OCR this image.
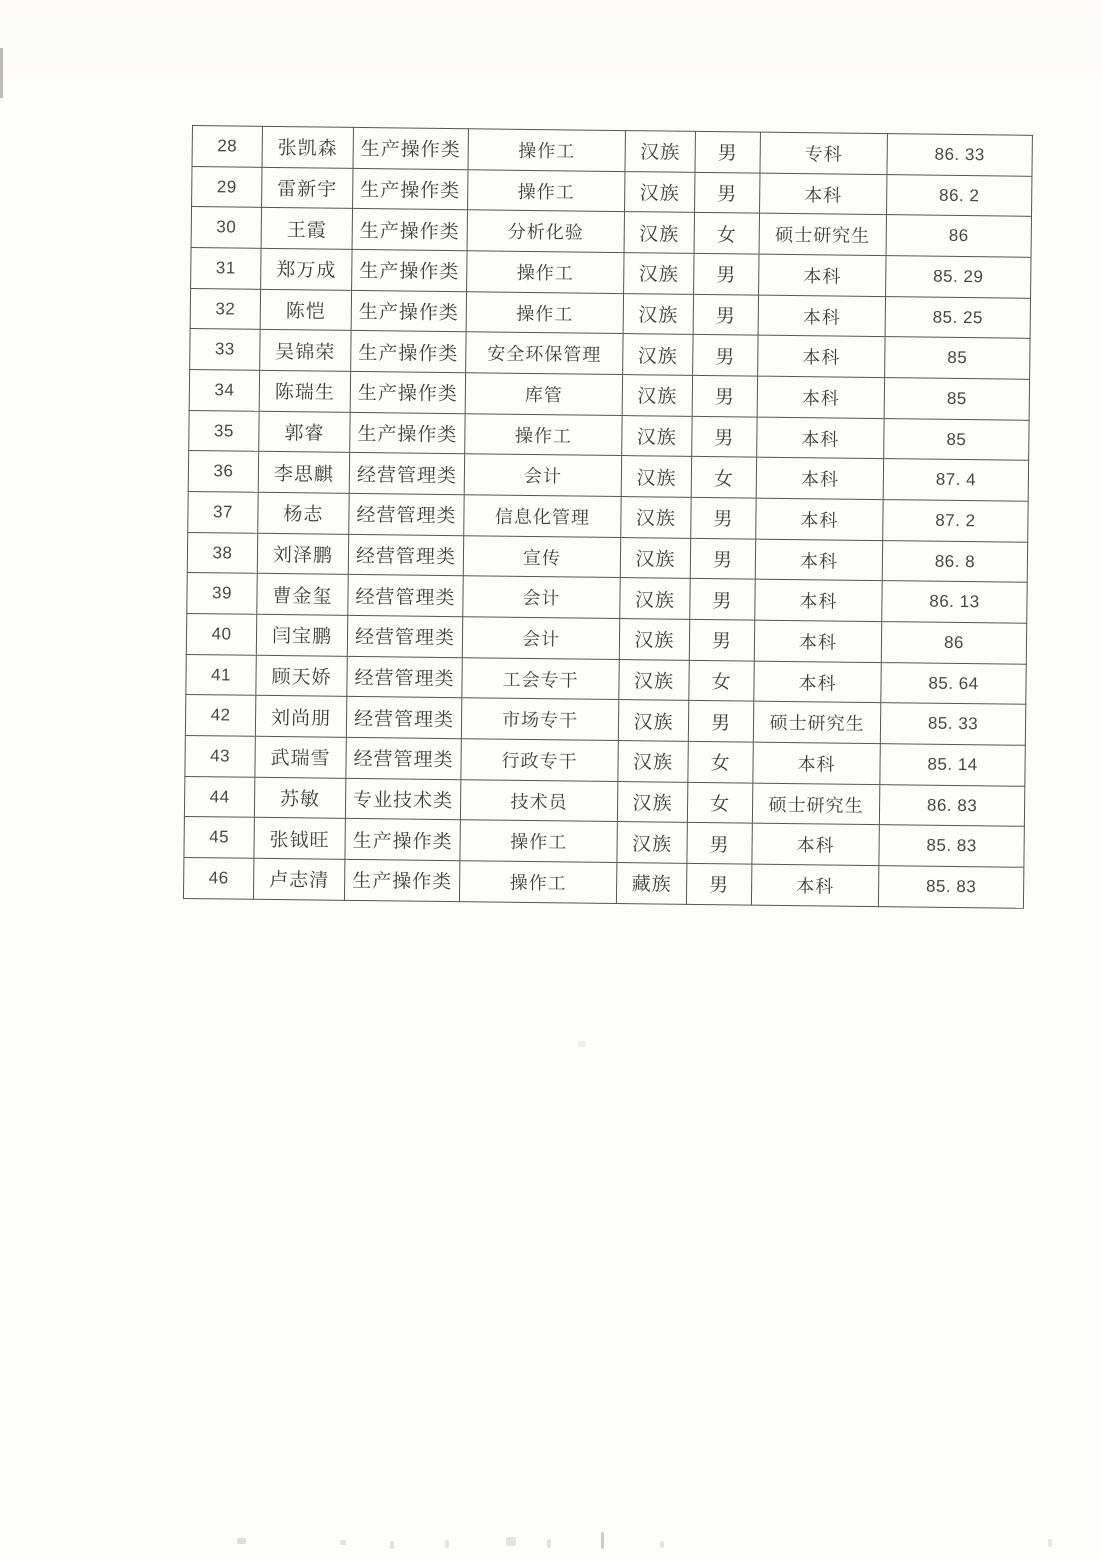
28	张凯森	生产操作类	操作工	汉族	男	专科	86. 33
29	雷新宇	生产操作类	操作工	汉族	男	本科	86. 2
30	王霞	生产操作类	分析化验	汉族	女	硕士研究生	86
31	郑万成	生产操作类	操作工	汉族	男	本科	85. 29
32	陈恺	生产操作类	操作工	汉族	男	本科	85. 25
33	吴锦荣	生产操作类	安全环保管理	汉族	男	本科	85
34	陈瑞生	生产操作类	库管	汉族	男	本科	85
35	郭睿	生产操作类	操作工	汉族	男	本科	85
36	李思麒	经营管理类	会计	汉族	女	本科	87. 4
37	杨志	经营管理类	信息化管理	汉族	男	本科	87. 2
38	刘泽鹏	经营管理类	宣传	汉族	男	本科	86. 8
39	曹金玺	经营管理类	会计	汉族	男	本科	86. 13
40	闫宝鹏	经营管理类	会计	汉族	男	本科	86
41	顾天娇	经营管理类	工会专干	汉族	女	本科	85. 64
42	刘尚朋	经营管理类	市场专干	汉族	男	硕士研究生	85. 33
43	武瑞雪	经营管理类	行政专干	汉族	女	本科	85. 14
44	苏敏	专业技术类	技术员	汉族	女	硕士研究生	86. 83
45	张钺旺	生产操作类	操作工	汉族	男	本科	85. 83
46	卢志清	生产操作类	操作工	藏族	男	本科	85. 83
